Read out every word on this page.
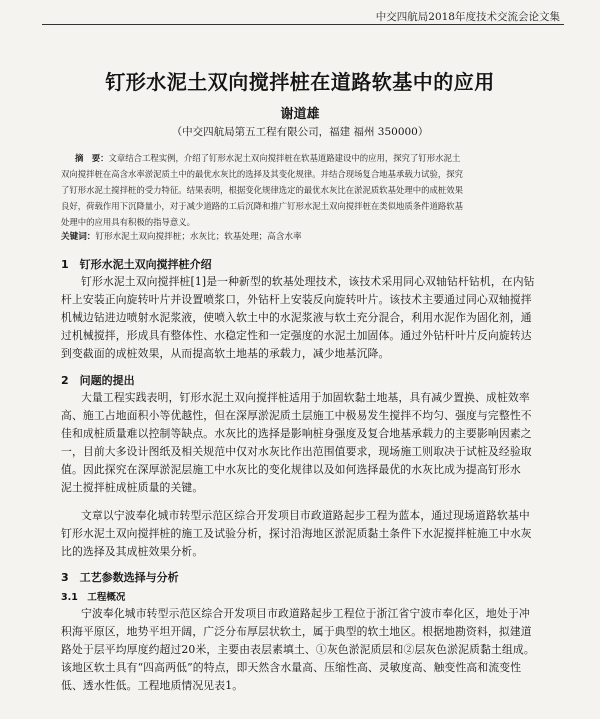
中交四航局2018年度技术交流会论文集
钉形水泥土双向搅拌桩在道路软基中的应用
谢道雄
（中交四航局第五工程有限公司，福建 福州 350000）
摘　要：文章结合工程实例，介绍了钉形水泥土双向搅拌桩在软基道路建设中的应用，探究了钉形水泥土
双向搅拌桩在高含水率淤泥质土中的最优水灰比的选择及其变化规律。并结合现场复合地基承载力试验，探究
了钉形水泥土搅拌桩的受力特征。结果表明，根据变化规律选定的最优水灰比在淤泥质软基处理中的成桩效果
良好，荷载作用下沉降量小，对于减少道路的工后沉降和推广钉形水泥土双向搅拌桩在类似地质条件道路软基
处理中的应用具有积极的指导意义。
关键词：钉形水泥土双向搅拌桩；水灰比；软基处理；高含水率
1　钉形水泥土双向搅拌桩介绍
钉形水泥土双向搅拌桩[1]是一种新型的软基处理技术，该技术采用同心双轴钻杆钻机，在内钻
杆上安装正向旋转叶片并设置喷浆口，外钻杆上安装反向旋转叶片。该技术主要通过同心双轴搅拌
机械边钻进边喷射水泥浆液，使喷入软土中的水泥浆液与软土充分混合，利用水泥作为固化剂，通
过机械搅拌，形成具有整体性、水稳定性和一定强度的水泥土加固体。通过外钻杆叶片反向旋转达
到变截面的成桩效果，从而提高软土地基的承载力，减少地基沉降。
2　问题的提出
大量工程实践表明，钉形水泥土双向搅拌桩适用于加固软黏土地基，具有减少置换、成桩效率
高、施工占地面积小等优越性，但在深厚淤泥质土层施工中极易发生搅拌不均匀、强度与完整性不
佳和成桩质量难以控制等缺点。水灰比的选择是影响桩身强度及复合地基承载力的主要影响因素之
一，目前大多设计图纸及相关规范中仅对水灰比作出范围值要求，现场施工则取决于试桩及经验取
值。因此探究在深厚淤泥层施工中水灰比的变化规律以及如何选择最优的水灰比成为提高钉形水
泥土搅拌桩成桩质量的关键。
文章以宁波奉化城市转型示范区综合开发项目市政道路起步工程为蓝本，通过现场道路软基中
钉形水泥土双向搅拌桩的施工及试验分析，探讨沿海地区淤泥质黏土条件下水泥搅拌桩施工中水灰
比的选择及其成桩效果分析。
3　工艺参数选择与分析
3.1　工程概况
宁波奉化城市转型示范区综合开发项目市政道路起步工程位于浙江省宁波市奉化区，地处于冲
积海平原区，地势平坦开阔，广泛分布厚层状软土，属于典型的软土地区。根据地勘资料，拟建道
路处于层平均厚度约超过20米，主要由表层素填土、①灰色淤泥质层和②层灰色淤泥质黏土组成。
该地区软土具有“四高两低”的特点，即天然含水量高、压缩性高、灵敏度高、触变性高和流变性
低、透水性低。工程地质情况见表1。
